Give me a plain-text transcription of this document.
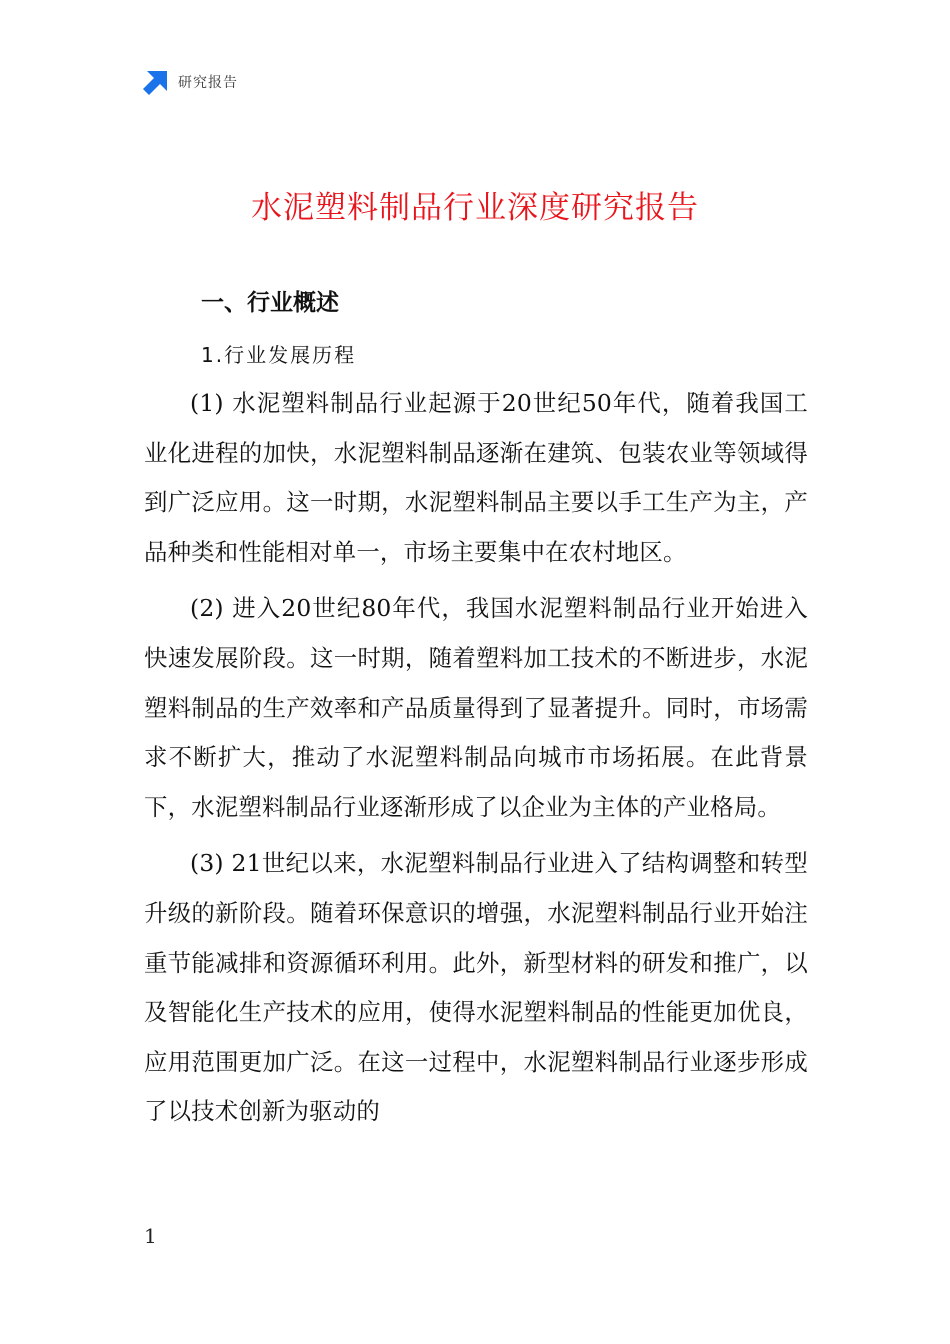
研究报告
水泥塑料制品行业深度研究报告
一、行业概述
1.行业发展历程

(1) 水泥塑料制品行业起源于20世纪50年代，随着我国工业化进程的加快，水泥塑料制品逐渐在建筑、包装农业等领域得到广泛应用。这一时期，水泥塑料制品主要以手工生产为主，产品种类和性能相对单一，市场主要集中在农村地区。

(2) 进入20世纪80年代，我国水泥塑料制品行业开始进入快速发展阶段。这一时期，随着塑料加工技术的不断进步，水泥塑料制品的生产效率和产品质量得到了显著提升。同时，市场需求不断扩大，推动了水泥塑料制品向城市市场拓展。在此背景下，水泥塑料制品行业逐渐形成了以企业为主体的产业格局。

(3) 21世纪以来，水泥塑料制品行业进入了结构调整和转型升级的新阶段。随着环保意识的增强，水泥塑料制品行业开始注重节能减排和资源循环利用。此外，新型材料的研发和推广，以及智能化生产技术的应用，使得水泥塑料制品的性能更加优良，应用范围更加广泛。在这一过程中，水泥塑料制品行业逐步形成了以技术创新为驱动的

1
